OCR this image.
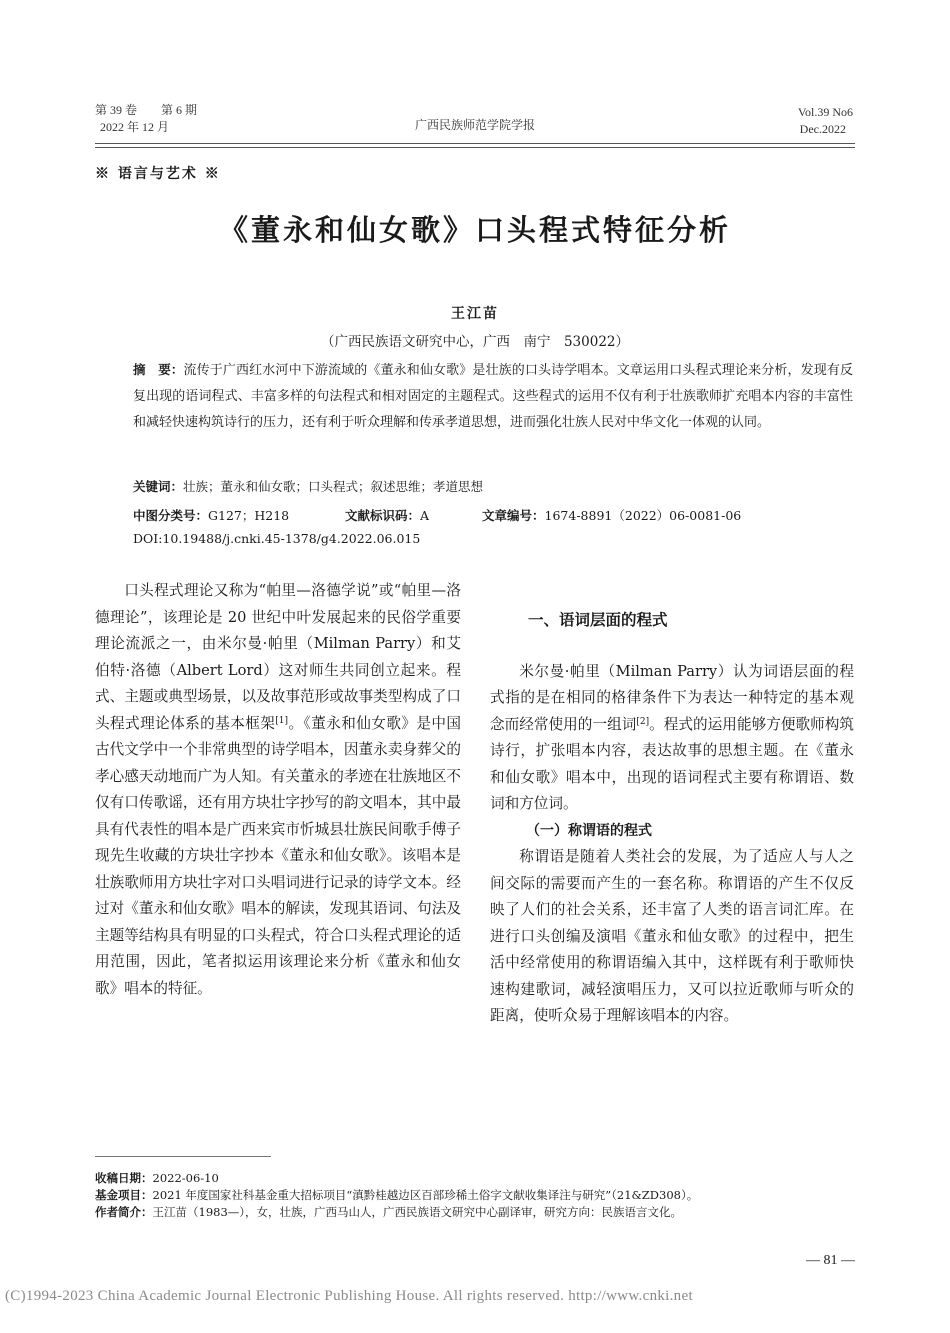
第 39 卷　　第 6 期
2022 年 12 月	广西民族师范学院学报
Vol.39 No6
Dec.2022
※ 语言与艺术 ※
《董永和仙女歌》口头程式特征分析
王江苗
（广西民族语文研究中心，广西　南宁　530022）
摘　要：流传于广西红水河中下游流域的《董永和仙女歌》是壮族的口头诗学唱本。文章运用口头程式理论来分析，发现有反复出现的语词程式、丰富多样的句法程式和相对固定的主题程式。这些程式的运用不仅有利于壮族歌师扩充唱本内容的丰富性和减轻快速构筑诗行的压力，还有利于听众理解和传承孝道思想，进而强化壮族人民对中华文化一体观的认同。
关键词：壮族；董永和仙女歌；口头程式；叙述思维；孝道思想
中图分类号：G127；H218	文献标识码：A	文章编号：1674-8891（2022）06-0081-06
DOI:10.19488/j.cnki.45-1378/g4.2022.06.015

口头程式理论又称为“帕里—洛德学说”或“帕里—洛德理论”，该理论是 20 世纪中叶发展起来的民俗学重要理论流派之一，由米尔曼·帕里（Milman Parry）和艾伯特·洛德（Albert Lord）这对师生共同创立起来。程式、主题或典型场景，以及故事范形或故事类型构成了口头程式理论体系的基本框架[1]。《董永和仙女歌》是中国古代文学中一个非常典型的诗学唱本，因董永卖身葬父的孝心感天动地而广为人知。有关董永的孝迹在壮族地区不仅有口传歌谣，还有用方块壮字抄写的韵文唱本，其中最具有代表性的唱本是广西来宾市忻城县壮族民间歌手傅子现先生收藏的方块壮字抄本《董永和仙女歌》。该唱本是壮族歌师用方块壮字对口头唱词进行记录的诗学文本。经过对《董永和仙女歌》唱本的解读，发现其语词、句法及主题等结构具有明显的口头程式，符合口头程式理论的适用范围，因此，笔者拟运用该理论来分析《董永和仙女歌》唱本的特征。

一、语词层面的程式

米尔曼·帕里（Milman Parry）认为词语层面的程式指的是在相同的格律条件下为表达一种特定的基本观念而经常使用的一组词[2]。程式的运用能够方便歌师构筑诗行，扩张唱本内容，表达故事的思想主题。在《董永和仙女歌》唱本中，出现的语词程式主要有称谓语、数词和方位词。

（一）称谓语的程式

称谓语是随着人类社会的发展，为了适应人与人之间交际的需要而产生的一套名称。称谓语的产生不仅反映了人们的社会关系，还丰富了人类的语言词汇库。在进行口头创编及演唱《董永和仙女歌》的过程中，把生活中经常使用的称谓语编入其中，这样既有利于歌师快速构建歌词，减轻演唱压力，又可以拉近歌师与听众的距离，使听众易于理解该唱本的内容。

收稿日期：2022-06-10
基金项目：2021 年度国家社科基金重大招标项目“滇黔桂越边区百部珍稀土俗字文献收集译注与研究”（21&ZD308）。
作者简介：王江苗（1983—），女，壮族，广西马山人，广西民族语文研究中心副译审，研究方向：民族语言文化。
— 81 —
(C)1994-2023 China Academic Journal Electronic Publishing House. All rights reserved. http://www.cnki.net
